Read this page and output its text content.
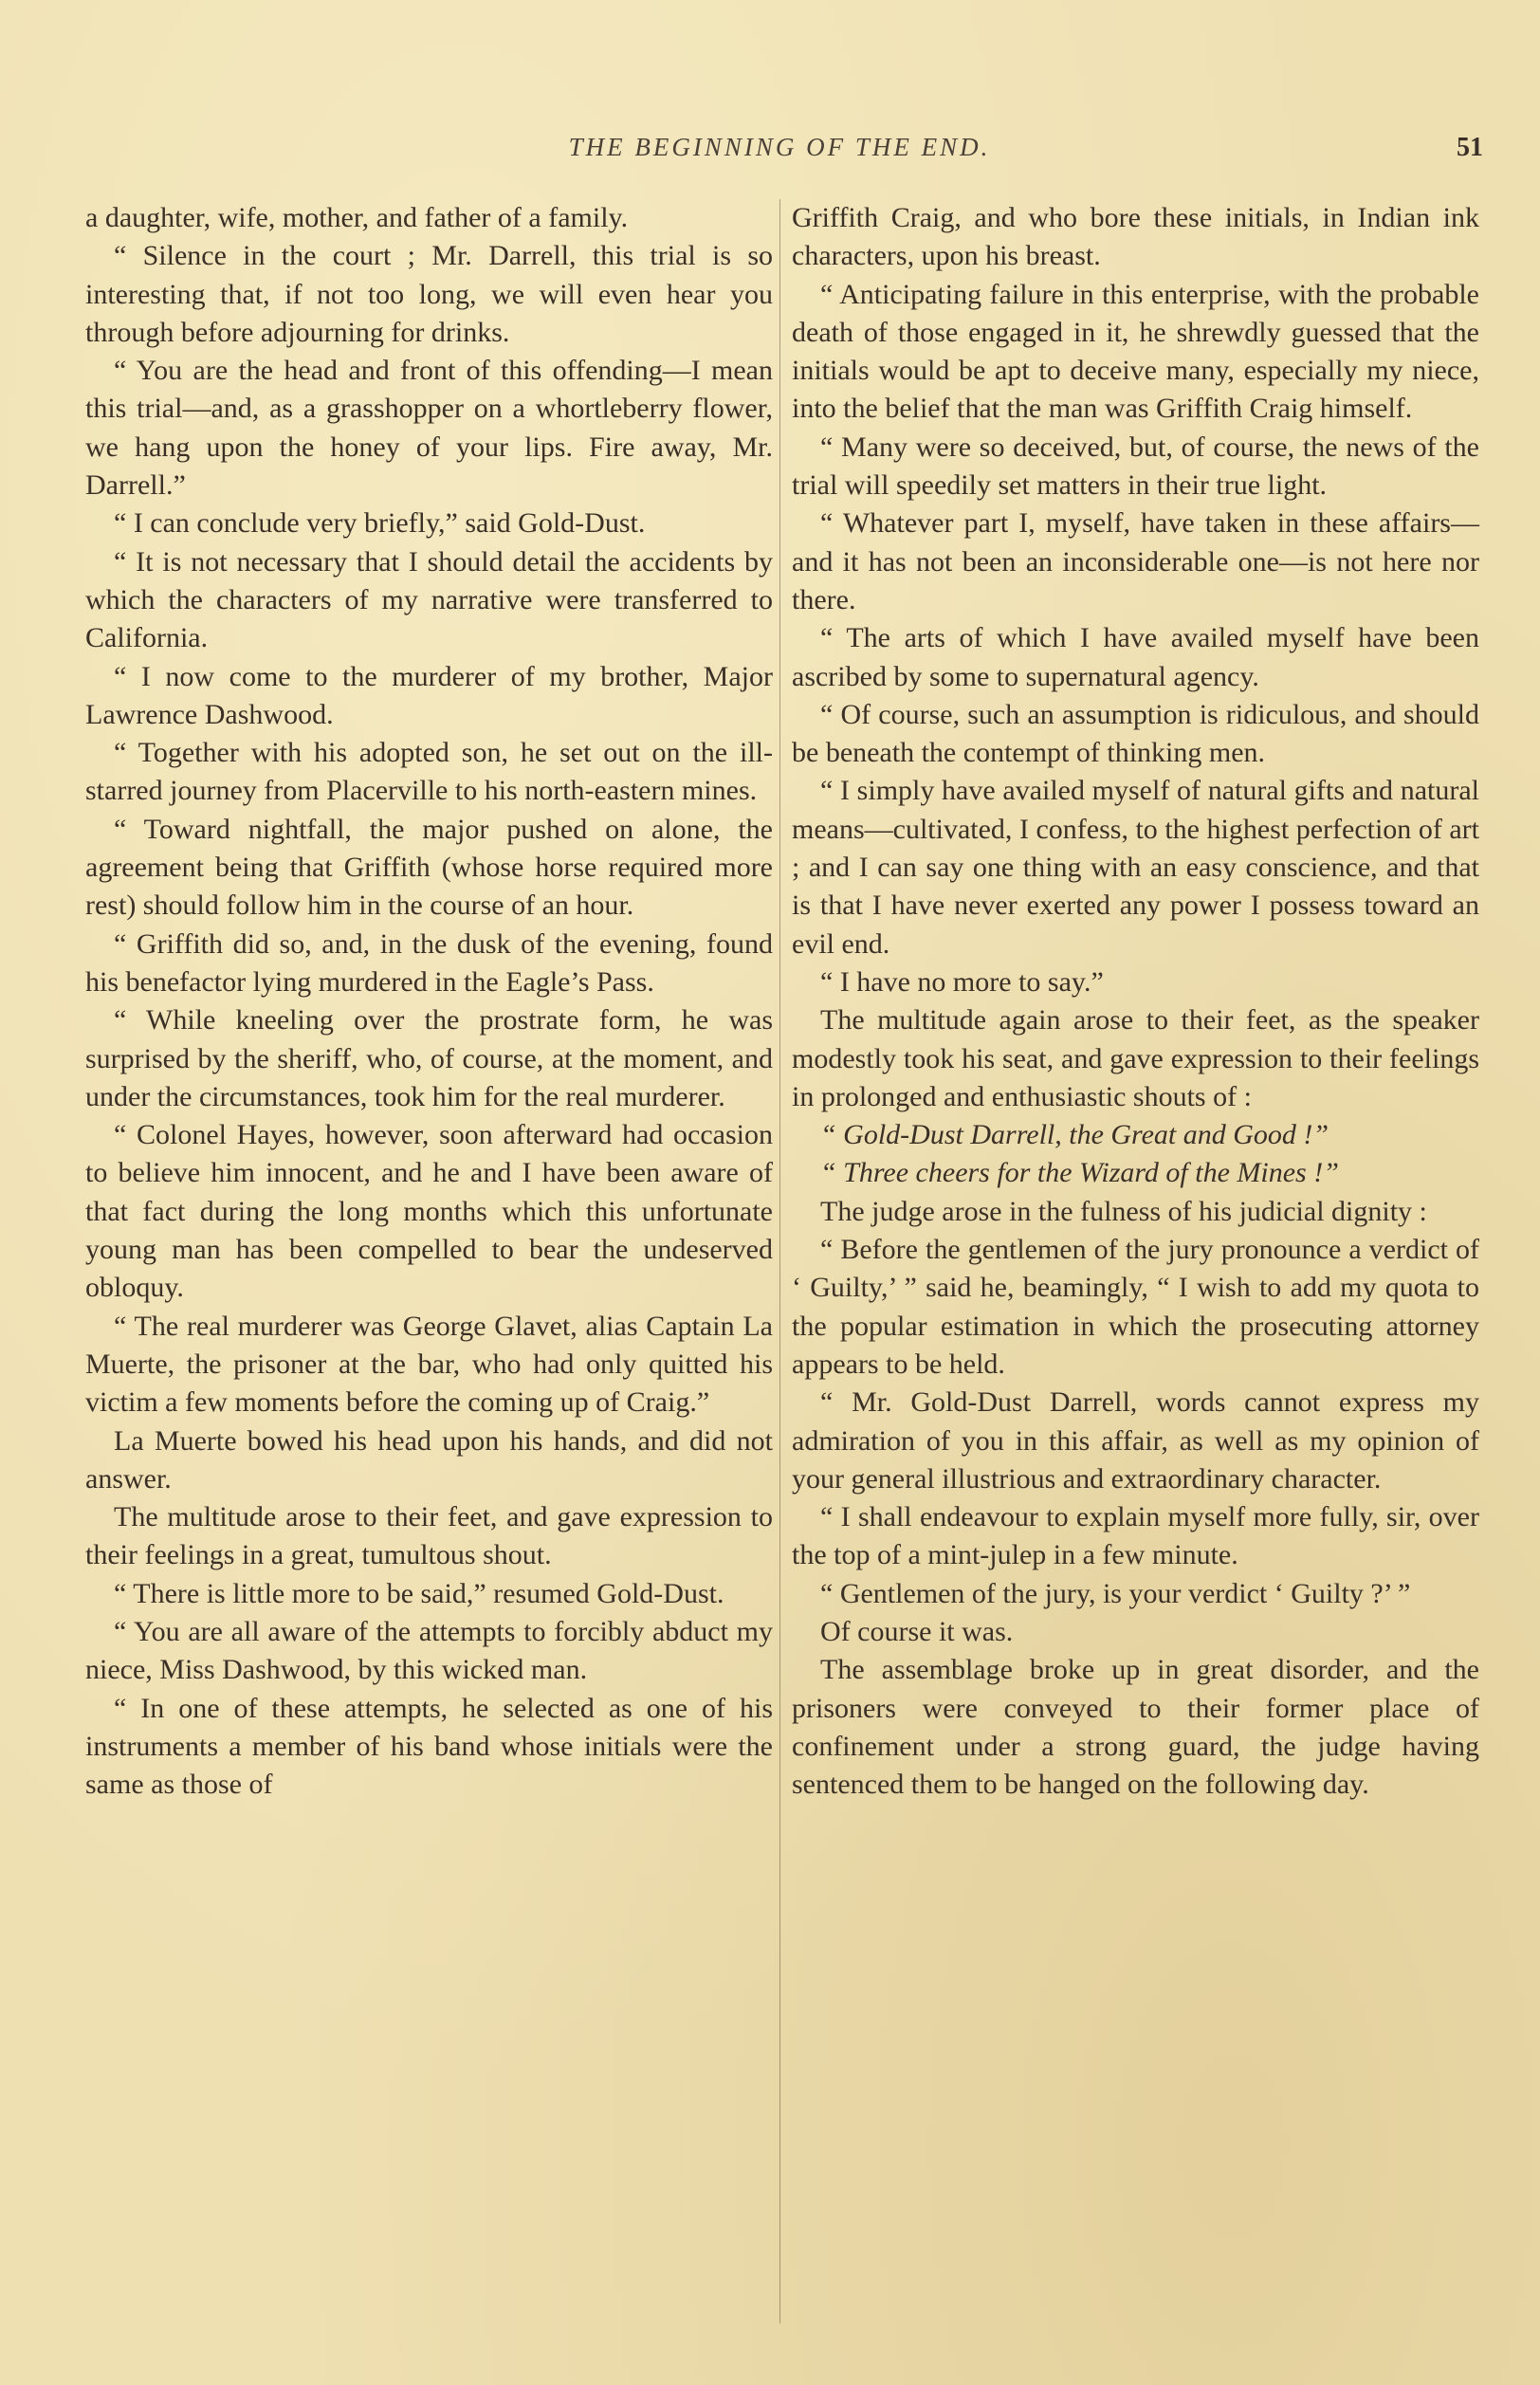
THE BEGINNING OF THE END.	51

a daughter, wife, mother, and father of a family.

“ Silence in the court ; Mr. Darrell, this trial is so interesting that, if not too long, we will even hear you through before adjourning for drinks.

“ You are the head and front of this offending—I mean this trial—and, as a grasshopper on a whortleberry flower, we hang upon the honey of your lips. Fire away, Mr. Darrell.”

“ I can conclude very briefly,” said Gold-Dust.

“ It is not necessary that I should detail the accidents by which the characters of my narrative were transferred to California.

“ I now come to the murderer of my brother, Major Lawrence Dashwood.

“ Together with his adopted son, he set out on the ill-starred journey from Placerville to his north-eastern mines.

“ Toward nightfall, the major pushed on alone, the agreement being that Griffith (whose horse required more rest) should follow him in the course of an hour.

“ Griffith did so, and, in the dusk of the evening, found his benefactor lying murdered in the Eagle’s Pass.

“ While kneeling over the prostrate form, he was surprised by the sheriff, who, of course, at the moment, and under the circumstances, took him for the real murderer.

“ Colonel Hayes, however, soon afterward had occasion to believe him innocent, and he and I have been aware of that fact during the long months which this unfortunate young man has been compelled to bear the undeserved obloquy.

“ The real murderer was George Glavet, alias Captain La Muerte, the prisoner at the bar, who had only quitted his victim a few moments before the coming up of Craig.”

La Muerte bowed his head upon his hands, and did not answer.

The multitude arose to their feet, and gave expression to their feelings in a great, tumultous shout.

“ There is little more to be said,” resumed Gold-Dust.

“ You are all aware of the attempts to forcibly abduct my niece, Miss Dashwood, by this wicked man.

“ In one of these attempts, he selected as one of his instruments a member of his band whose initials were the same as those of

Griffith Craig, and who bore these initials, in Indian ink characters, upon his breast.

“ Anticipating failure in this enterprise, with the probable death of those engaged in it, he shrewdly guessed that the initials would be apt to deceive many, especially my niece, into the belief that the man was Griffith Craig himself.

“ Many were so deceived, but, of course, the news of the trial will speedily set matters in their true light.

“ Whatever part I, myself, have taken in these affairs—and it has not been an inconsiderable one—is not here nor there.

“ The arts of which I have availed myself have been ascribed by some to supernatural agency.

“ Of course, such an assumption is ridiculous, and should be beneath the contempt of thinking men.

“ I simply have availed myself of natural gifts and natural means—cultivated, I confess, to the highest perfection of art ; and I can say one thing with an easy conscience, and that is that I have never exerted any power I possess toward an evil end.

“ I have no more to say.”

The multitude again arose to their feet, as the speaker modestly took his seat, and gave expression to their feelings in prolonged and enthusiastic shouts of :

“ Gold-Dust Darrell, the Great and Good !”

“ Three cheers for the Wizard of the Mines !”

The judge arose in the fulness of his judicial dignity :

“ Before the gentlemen of the jury pronounce a verdict of ‘ Guilty,’ ” said he, beamingly, “ I wish to add my quota to the popular estimation in which the prosecuting attorney appears to be held.

“ Mr. Gold-Dust Darrell, words cannot express my admiration of you in this affair, as well as my opinion of your general illustrious and extraordinary character.

“ I shall endeavour to explain myself more fully, sir, over the top of a mint-julep in a few minute.

“ Gentlemen of the jury, is your verdict ‘ Guilty ?’ ”

Of course it was.

The assemblage broke up in great disorder, and the prisoners were conveyed to their former place of confinement under a strong guard, the judge having sentenced them to be hanged on the following day.
